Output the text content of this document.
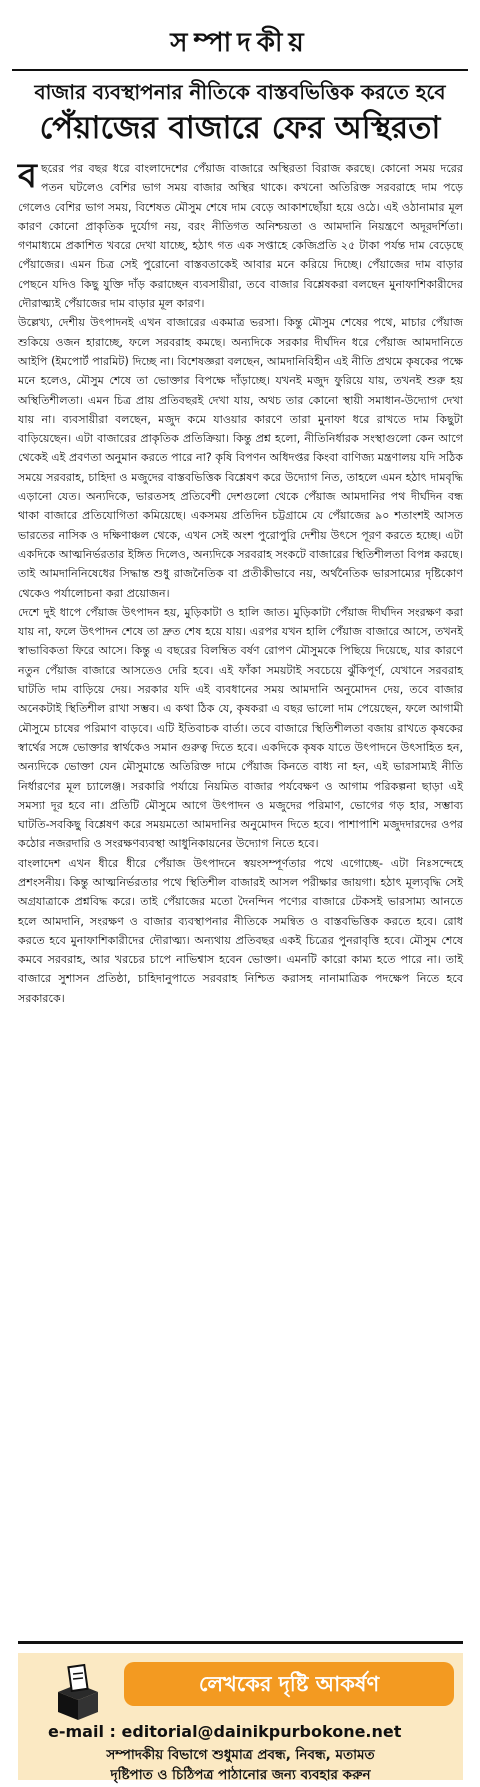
সম্পাদকীয়
বাজার ব্যবস্থাপনার নীতিকে বাস্তবভিত্তিক করতে হবে
পেঁয়াজের বাজারে ফের অস্থিরতা

বছরের পর বছর ধরে বাংলাদেশের পেঁয়াজ বাজারে অস্থিরতা বিরাজ করছে। কোনো সময় দরের পতন ঘটলেও বেশির ভাগ সময় বাজার অস্থির থাকে। কখনো অতিরিক্ত সরবরাহে দাম পড়ে গেলেও বেশির ভাগ সময়, বিশেষত মৌসুম শেষে দাম বেড়ে আকাশছোঁয়া হয়ে ওঠে। এই ওঠানামার মূল কারণ কোনো প্রাকৃতিক দুর্যোগ নয়, বরং নীতিগত অনিশ্চয়তা ও আমদানি নিয়ন্ত্রণে অদূরদর্শিতা। গণমাধ্যমে প্রকাশিত খবরে দেখা যাচ্ছে, হঠাৎ গত এক সপ্তাহে কেজিপ্রতি ২৫ টাকা পর্যন্ত দাম বেড়েছে পেঁয়াজের। এমন চিত্র সেই পুরোনো বাস্তবতাকেই আবার মনে করিয়ে দিচ্ছে। পেঁয়াজের দাম বাড়ার পেছনে যদিও কিছু যুক্তি দাঁড় করাচ্ছেন ব্যবসায়ীরা, তবে বাজার বিশ্লেষকরা বলছেন মুনাফাশিকারীদের দৌরাত্ম্যই পেঁয়াজের দাম বাড়ার মূল কারণ।

উল্লেখ্য, দেশীয় উৎপাদনই এখন বাজারের একমাত্র ভরসা। কিন্তু মৌসুম শেষের পথে, মাচার পেঁয়াজ শুকিয়ে ওজন হারাচ্ছে, ফলে সরবরাহ কমছে। অন্যদিকে সরকার দীর্ঘদিন ধরে পেঁয়াজ আমদানিতে আইপি (ইমপোর্ট পারমিট) দিচ্ছে না। বিশেষজ্ঞরা বলছেন, আমদানিবিহীন এই নীতি প্রথমে কৃষকের পক্ষে মনে হলেও, মৌসুম শেষে তা ভোক্তার বিপক্ষে দাঁড়াচ্ছে। যখনই মজুদ ফুরিয়ে যায়, তখনই শুরু হয় অস্থিতিশীলতা। এমন চিত্র প্রায় প্রতিবছরই দেখা যায়, অথচ তার কোনো স্থায়ী সমাধান-উদ্যোগ দেখা যায় না। ব্যবসায়ীরা বলছেন, মজুদ কমে যাওয়ার কারণে তারা মুনাফা ধরে রাখতে দাম কিছুটা বাড়িয়েছেন। এটা বাজারের প্রাকৃতিক প্রতিক্রিয়া। কিন্তু প্রশ্ন হলো, নীতিনির্ধারক সংস্থাগুলো কেন আগে থেকেই এই প্রবণতা অনুমান করতে পারে না? কৃষি বিপণন অধিদপ্তর কিংবা বাণিজ্য মন্ত্রণালয় যদি সঠিক সময়ে সরবরাহ, চাহিদা ও মজুদের বাস্তবভিত্তিক বিশ্লেষণ করে উদ্যোগ নিত, তাহলে এমন হঠাৎ দামবৃদ্ধি এড়ানো যেত। অন্যদিকে, ভারতসহ প্রতিবেশী দেশগুলো থেকে পেঁয়াজ আমদানির পথ দীর্ঘদিন বন্ধ থাকা বাজারে প্রতিযোগিতা কমিয়েছে। একসময় প্রতিদিন চট্টগ্রামে যে পেঁয়াজের ৯০ শতাংশই আসত ভারতের নাসিক ও দক্ষিণাঞ্চল থেকে, এখন সেই অংশ পুরোপুরি দেশীয় উৎসে পূরণ করতে হচ্ছে। এটা একদিকে আত্মনির্ভরতার ইঙ্গিত দিলেও, অন্যদিকে সরবরাহ সংকটে বাজারের স্থিতিশীলতা বিপন্ন করছে। তাই আমদানিনিষেধের সিদ্ধান্ত শুধু রাজনৈতিক বা প্রতীকীভাবে নয়, অর্থনৈতিক ভারসাম্যের দৃষ্টিকোণ থেকেও পর্যালোচনা করা প্রয়োজন।

দেশে দুই ধাপে পেঁয়াজ উৎপাদন হয়, মুড়িকাটা ও হালি জাত। মুড়িকাটা পেঁয়াজ দীর্ঘদিন সংরক্ষণ করা যায় না, ফলে উৎপাদন শেষে তা দ্রুত শেষ হয়ে যায়। এরপর যখন হালি পেঁয়াজ বাজারে আসে, তখনই স্বাভাবিকতা ফিরে আসে। কিন্তু এ বছরের বিলম্বিত বর্ষণ রোপণ মৌসুমকে পিছিয়ে দিয়েছে, যার কারণে নতুন পেঁয়াজ বাজারে আসতেও দেরি হবে। এই ফাঁকা সময়টাই সবচেয়ে ঝুঁকিপূর্ণ, যেখানে সরবরাহ ঘাটতি দাম বাড়িয়ে দেয়। সরকার যদি এই ব্যবধানের সময় আমদানি অনুমোদন দেয়, তবে বাজার অনেকটাই স্থিতিশীল রাখা সম্ভব। এ কথা ঠিক যে, কৃষকরা এ বছর ভালো দাম পেয়েছেন, ফলে আগামী মৌসুমে চাষের পরিমাণ বাড়বে। এটি ইতিবাচক বার্তা। তবে বাজারে স্থিতিশীলতা বজায় রাখতে কৃষকের স্বার্থের সঙ্গে ভোক্তার স্বার্থকেও সমান গুরুত্ব দিতে হবে। একদিকে কৃষক যাতে উৎপাদনে উৎসাহিত হন, অন্যদিকে ভোক্তা যেন মৌসুমান্তে অতিরিক্ত দামে পেঁয়াজ কিনতে বাধ্য না হন, এই ভারসাম্যই নীতি নির্ধারণের মূল চ্যালেঞ্জ। সরকারি পর্যায়ে নিয়মিত বাজার পর্যবেক্ষণ ও আগাম পরিকল্পনা ছাড়া এই সমস্যা দূর হবে না। প্রতিটি মৌসুমে আগে উৎপাদন ও মজুদের পরিমাণ, ভোগের গড় হার, সম্ভাব্য ঘাটতি-সবকিছু বিশ্লেষণ করে সময়মতো আমদানির অনুমোদন দিতে হবে। পাশাপাশি মজুদদারদের ওপর কঠোর নজরদারি ও সংরক্ষণব্যবস্থা আধুনিকায়নের উদ্যোগ নিতে হবে।

বাংলাদেশ এখন ধীরে ধীরে পেঁয়াজ উৎপাদনে স্বয়ংসম্পূর্ণতার পথে এগোচ্ছে- এটা নিঃসন্দেহে প্রশংসনীয়। কিন্তু আত্মনির্ভরতার পথে স্থিতিশীল বাজারই আসল পরীক্ষার জায়গা। হঠাৎ মূল্যবৃদ্ধি সেই অগ্রযাত্রাকে প্রশ্নবিদ্ধ করে। তাই পেঁয়াজের মতো দৈনন্দিন পণ্যের বাজারে টেকসই ভারসাম্য আনতে হলে আমদানি, সংরক্ষণ ও বাজার ব্যবস্থাপনার নীতিকে সমন্বিত ও বাস্তবভিত্তিক করতে হবে। রোধ করতে হবে মুনাফাশিকারীদের দৌরাত্ম্য। অন্যথায় প্রতিবছর একই চিত্রের পুনরাবৃত্তি হবে। মৌসুম শেষে কমবে সরবরাহ, আর খরচের চাপে নাভিশ্বাস হবেন ভোক্তা। এমনটি কারো কাম্য হতে পারে না। তাই বাজারে সুশাসন প্রতিষ্ঠা, চাহিদানুপাতে সরবরাহ নিশ্চিত করাসহ নানামাত্রিক পদক্ষেপ নিতে হবে সরকারকে।

লেখকের দৃষ্টি আকর্ষণ
e-mail : editorial@dainikpurbokone.net
সম্পাদকীয় বিভাগে শুধুমাত্র প্রবন্ধ, নিবন্ধ, মতামত
দৃষ্টিপাত ও চিঠিপত্র পাঠানোর জন্য ব্যবহার করুন
